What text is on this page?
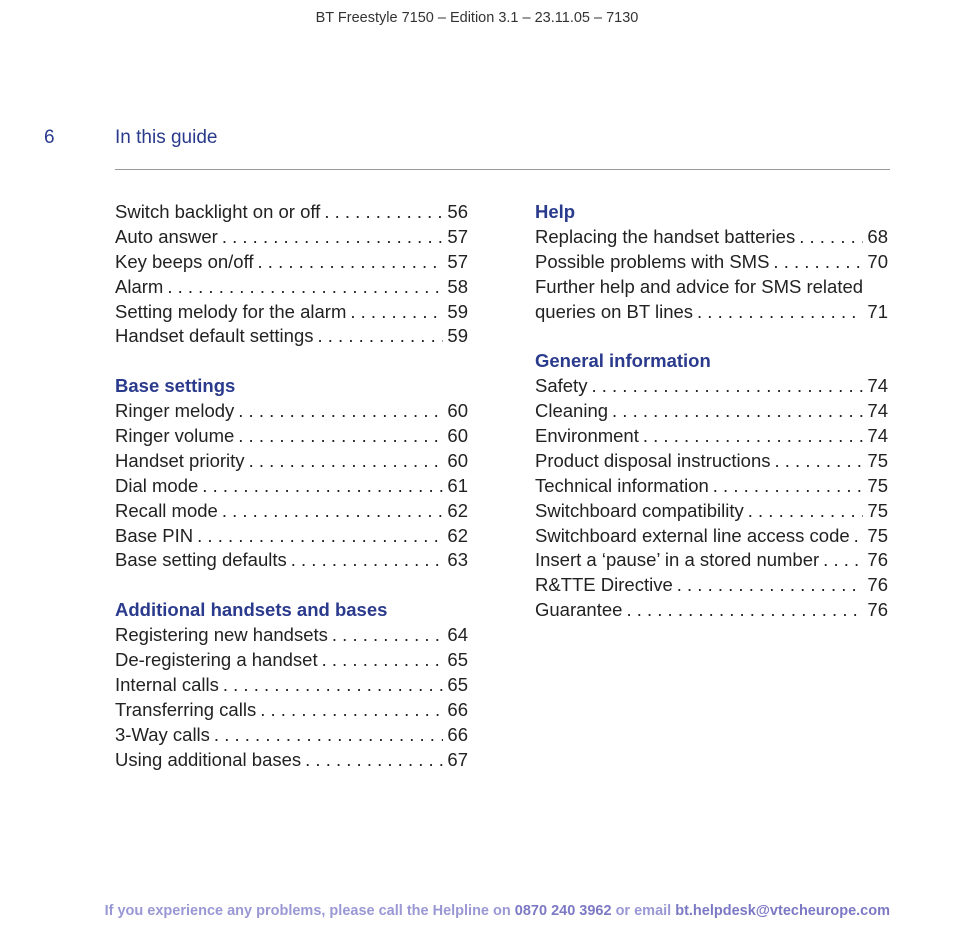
BT Freestyle 7150 – Edition 3.1 – 23.11.05 – 7130
6	In this guide
Switch backlight on or off . . .	56
Auto answer . . .	57
Key beeps on/off . . .	57
Alarm . . .	58
Setting melody for the alarm . . .	59
Handset default settings . . .	59
Base settings
Ringer melody . . .	60
Ringer volume . . .	60
Handset priority . . .	60
Dial mode . . .	61
Recall mode . . .	62
Base PIN . . .	62
Base setting defaults . . .	63
Additional handsets and bases
Registering new handsets . . .	64
De-registering a handset . . .	65
Internal calls . . .	65
Transferring calls . . .	66
3-Way calls . . .	66
Using additional bases . . .	67
Help
Replacing the handset batteries . . .	68
Possible problems with SMS . . .	70
Further help and advice for SMS related
queries on BT lines . . .	71
General information
Safety . . .	74
Cleaning . . .	74
Environment . . .	74
Product disposal instructions . . .	75
Technical information . . .	75
Switchboard compatibility . . .	75
Switchboard external line access code . . . 75
Insert a ‘pause’ in a stored number . . .	76
R&TTE Directive . . .	76
Guarantee . . .	76
If you experience any problems, please call the Helpline on 0870 240 3962 or email bt.helpdesk@vtecheurope.com
